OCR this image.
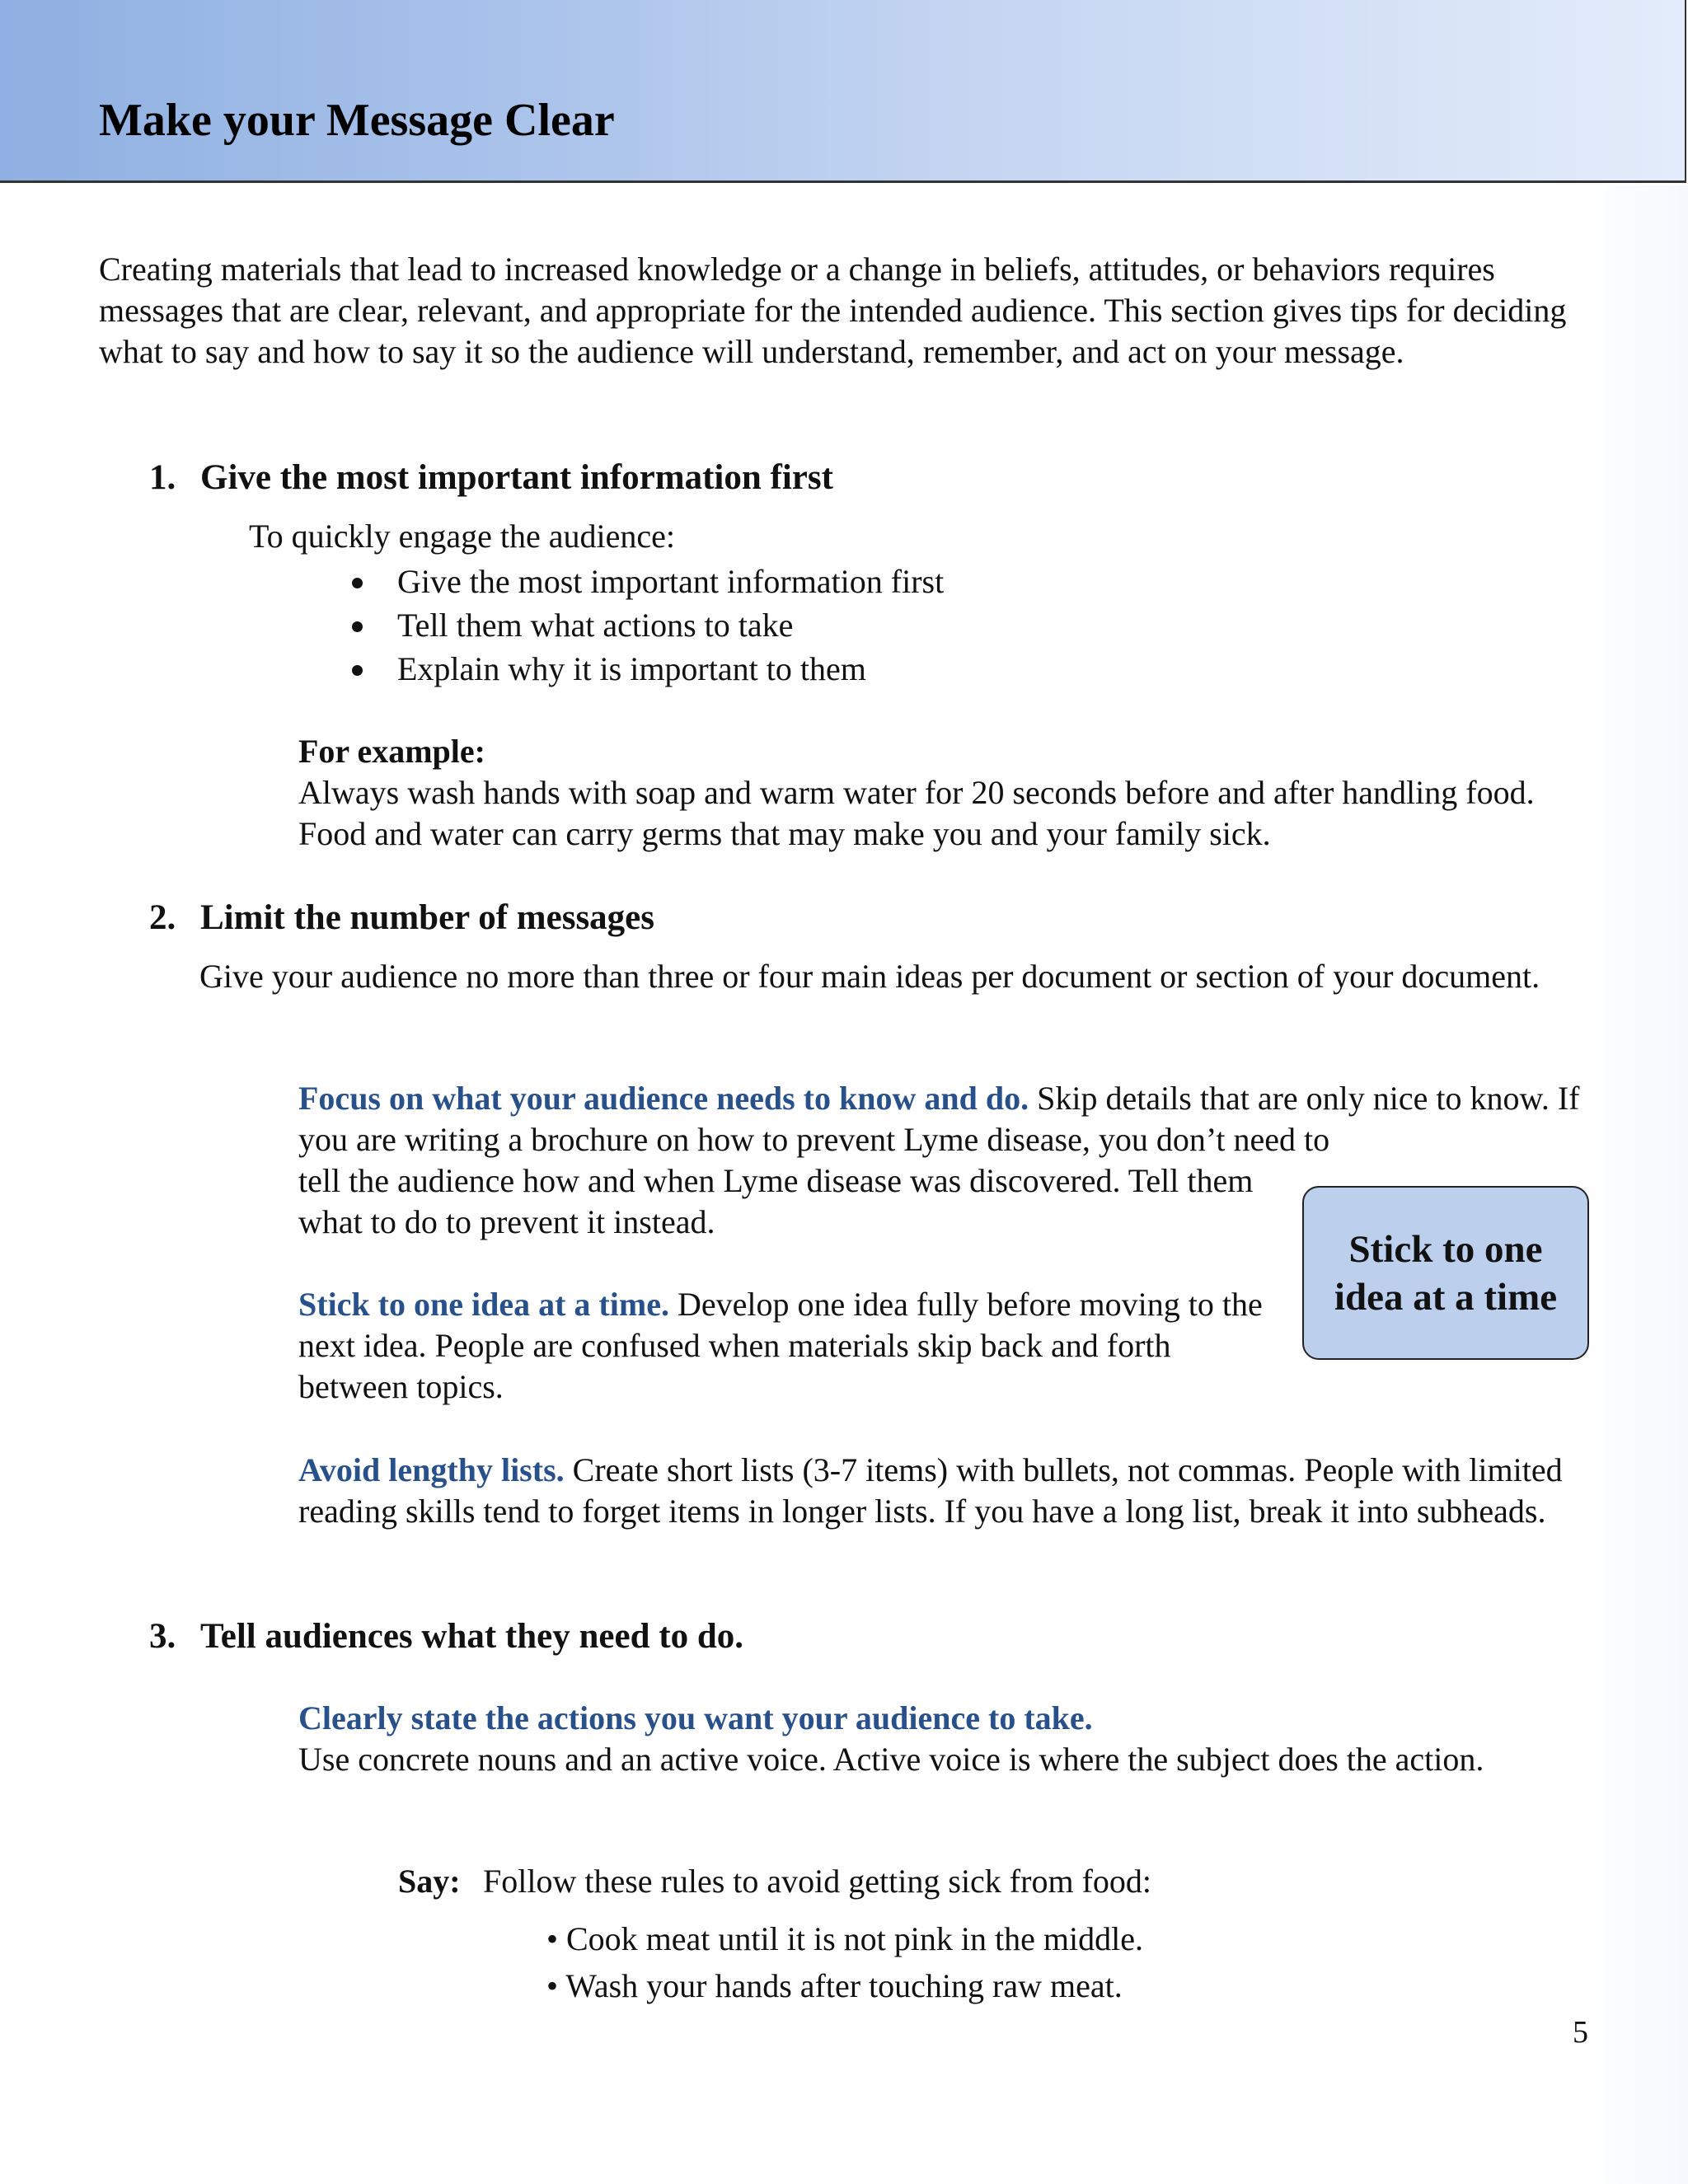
Make your Message Clear

Creating materials that lead to increased knowledge or a change in beliefs, attitudes, or behaviors requires messages that are clear, relevant, and appropriate for the intended audience. This section gives tips for deciding what to say and how to say it so the audience will understand, remember, and act on your message.

1. Give the most important information first

To quickly engage the audience:

Give the most important information first
Tell them what actions to take
Explain why it is important to them

For example:

Always wash hands with soap and warm water for 20 seconds before and after handling food. Food and water can carry germs that may make you and your family sick.

2. Limit the number of messages

Give your audience no more than three or four main ideas per document or section of your document.

Focus on what your audience needs to know and do. Skip details that are only nice to know. If you are writing a brochure on how to prevent Lyme disease, you don’t need to

tell the audience how and when Lyme disease was discovered. Tell them what to do to prevent it instead.

Stick to one idea at a time. Develop one idea fully before moving to the next idea. People are confused when materials skip back and forth between topics.

Stick to one idea at a time

Avoid lengthy lists. Create short lists (3-7 items) with bullets, not commas. People with limited reading skills tend to forget items in longer lists. If you have a long list, break it into subheads.

3. Tell audiences what they need to do.

Clearly state the actions you want your audience to take.

Use concrete nouns and an active voice. Active voice is where the subject does the action.

Say: Follow these rules to avoid getting sick from food:

• Cook meat until it is not pink in the middle.

• Wash your hands after touching raw meat.

5
